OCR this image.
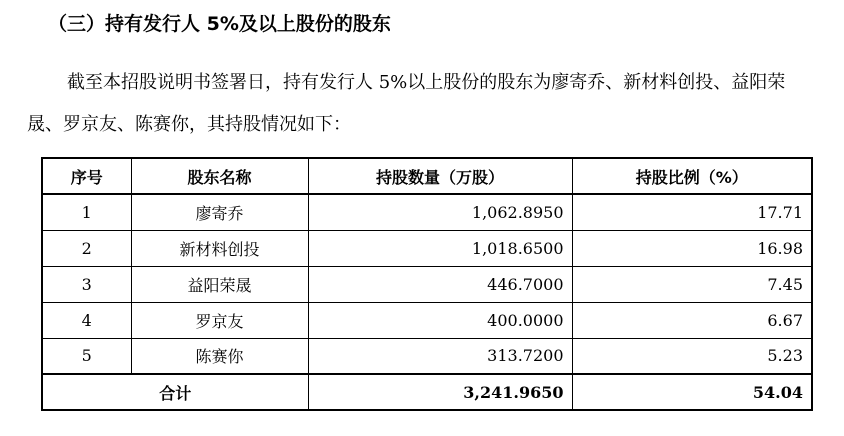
（三）持有发行人 5%及以上股份的股东

截至本招股说明书签署日，持有发行人 5%以上股份的股东为廖寄乔、新材料创投、益阳荣晟、罗京友、陈赛你，其持股情况如下：

序号	股东名称	持股数量（万股）	持股比例（%）
1	廖寄乔	1,062.8950	17.71
2	新材料创投	1,018.6500	16.98
3	益阳荣晟	446.7000	7.45
4	罗京友	400.0000	6.67
5	陈赛你	313.7200	5.23
合计		3,241.9650	54.04
